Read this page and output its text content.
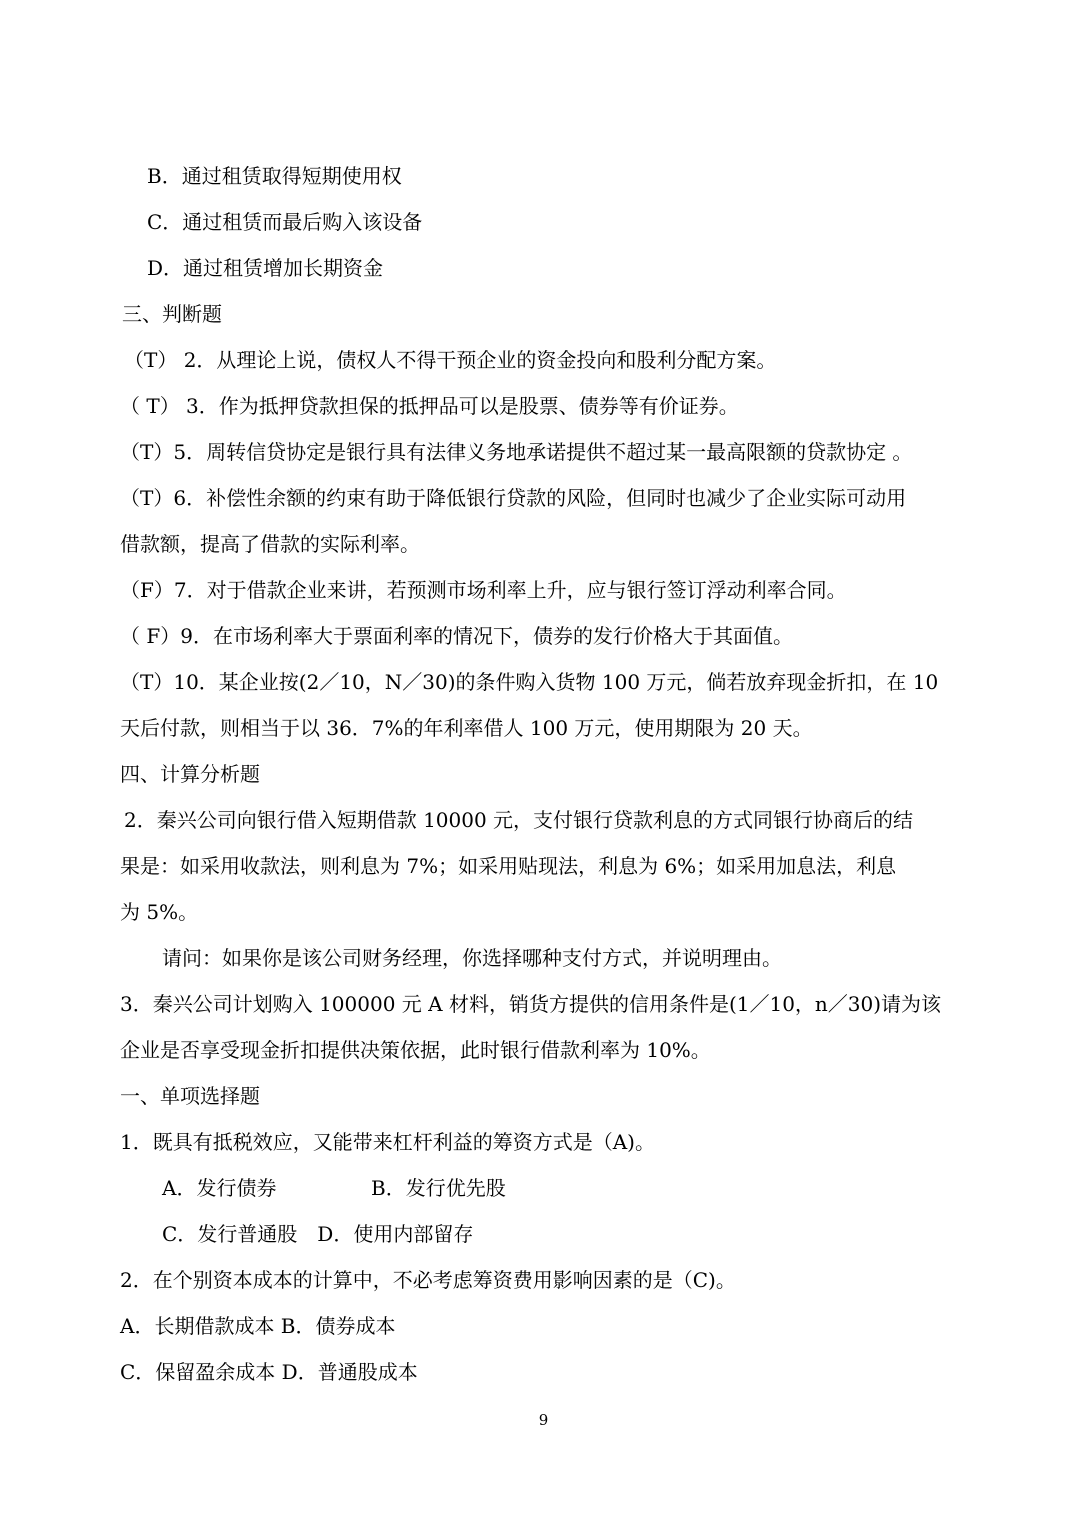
B．通过租赁取得短期使用权
C．通过租赁而最后购入该设备
D．通过租赁增加长期资金
三、判断题
（T） 2．从理论上说，债权人不得干预企业的资金投向和股利分配方案。
（ T） 3．作为抵押贷款担保的抵押品可以是股票、债券等有价证券。
（T）5．周转信贷协定是银行具有法律义务地承诺提供不超过某一最高限额的贷款协定 。
（T）6．补偿性余额的约束有助于降低银行贷款的风险，但同时也减少了企业实际可动用
借款额，提高了借款的实际利率。
（F）7．对于借款企业来讲，若预测市场利率上升，应与银行签订浮动利率合同。
（ F）9．在市场利率大于票面利率的情况下，债券的发行价格大于其面值。
（T）10．某企业按(2／10，N／30)的条件购入货物 100 万元，倘若放弃现金折扣，在 10
天后付款，则相当于以 36．7%的年利率借人 100 万元，使用期限为 20 天。
四、计算分析题
2．秦兴公司向银行借入短期借款 10000 元，支付银行贷款利息的方式同银行协商后的结
果是：如采用收款法，则利息为 7%；如采用贴现法，利息为 6%；如采用加息法，利息
为 5%。
请问：如果你是该公司财务经理，你选择哪种支付方式，并说明理由。
3．秦兴公司计划购入 100000 元 A 材料，销货方提供的信用条件是(1／10，n／30)请为该
企业是否享受现金折扣提供决策依据，此时银行借款利率为 10%。
一、单项选择题
1．既具有抵税效应，又能带来杠杆利益的筹资方式是（A)。
A．发行债券	B．发行优先股
C．发行普通股　D．使用内部留存
2．在个别资本成本的计算中，不必考虑筹资费用影响因素的是（C)。
A．长期借款成本 B．债券成本
C．保留盈余成本 D．普通股成本
9
